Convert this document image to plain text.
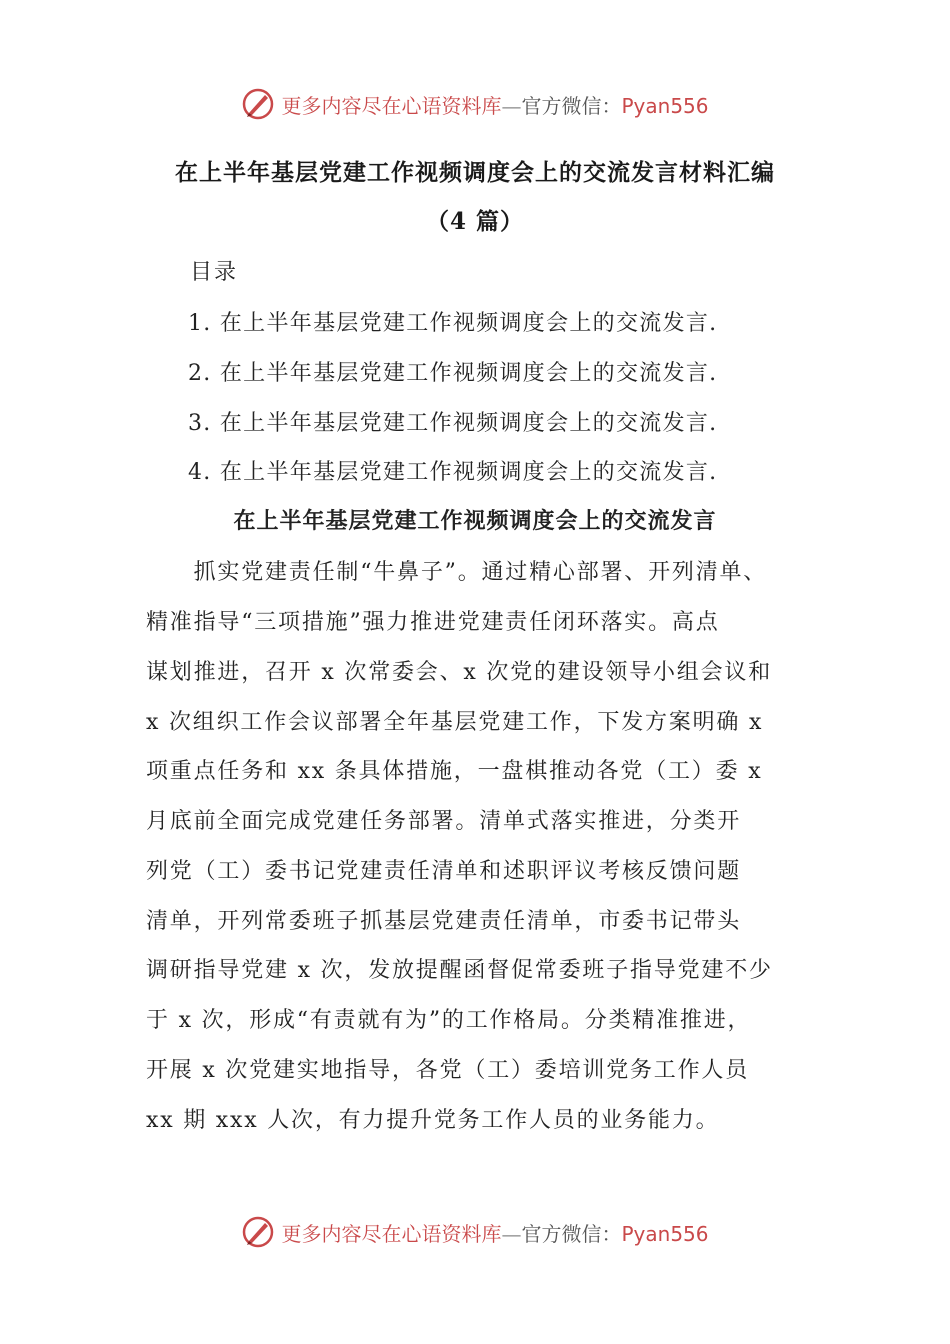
更多内容尽在心语资料库—官方微信：Pyan556
在上半年基层党建工作视频调度会上的交流发言材料汇编
（4 篇）
目录
1. 在上半年基层党建工作视频调度会上的交流发言.
2. 在上半年基层党建工作视频调度会上的交流发言.
3. 在上半年基层党建工作视频调度会上的交流发言.
4. 在上半年基层党建工作视频调度会上的交流发言.
在上半年基层党建工作视频调度会上的交流发言
　　抓实党建责任制“牛鼻子”。通过精心部署、开列清单、
精准指导“三项措施”强力推进党建责任闭环落实。高点
谋划推进，召开 x 次常委会、x 次党的建设领导小组会议和
x 次组织工作会议部署全年基层党建工作，下发方案明确 x
项重点任务和 xx 条具体措施，一盘棋推动各党（工）委 x
月底前全面完成党建任务部署。清单式落实推进，分类开
列党（工）委书记党建责任清单和述职评议考核反馈问题
清单，开列常委班子抓基层党建责任清单，市委书记带头
调研指导党建 x 次，发放提醒函督促常委班子指导党建不少
于 x 次，形成“有责就有为”的工作格局。分类精准推进，
开展 x 次党建实地指导，各党（工）委培训党务工作人员
xx 期 xxx 人次，有力提升党务工作人员的业务能力。
更多内容尽在心语资料库—官方微信：Pyan556
